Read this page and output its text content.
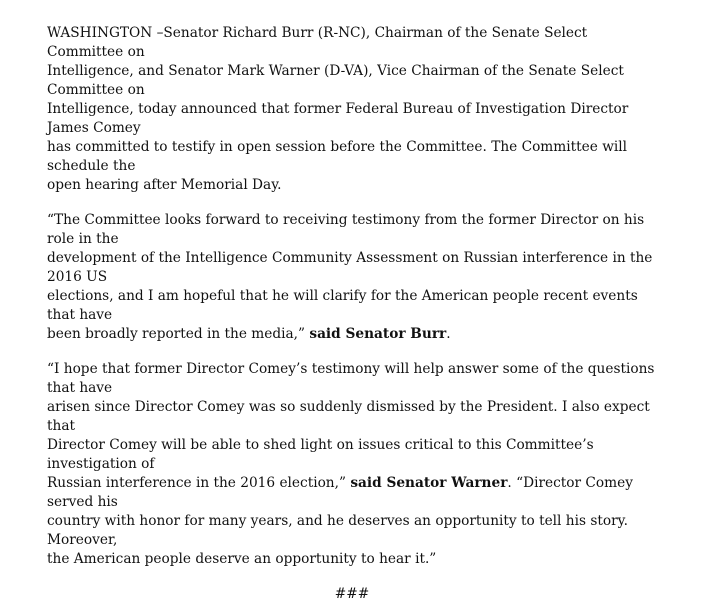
WASHINGTON –Senator Richard Burr (R-NC), Chairman of the Senate Select Committee on
Intelligence, and Senator Mark Warner (D-VA), Vice Chairman of the Senate Select Committee on
Intelligence, today announced that former Federal Bureau of Investigation Director James Comey
has committed to testify in open session before the Committee. The Committee will schedule the
open hearing after Memorial Day.

“The Committee looks forward to receiving testimony from the former Director on his role in the
development of the Intelligence Community Assessment on Russian interference in the 2016 US
elections, and I am hopeful that he will clarify for the American people recent events that have
been broadly reported in the media,” said Senator Burr.

“I hope that former Director Comey’s testimony will help answer some of the questions that have
arisen since Director Comey was so suddenly dismissed by the President. I also expect that
Director Comey will be able to shed light on issues critical to this Committee’s investigation of
Russian interference in the 2016 election,” said Senator Warner. “Director Comey served his
country with honor for many years, and he deserves an opportunity to tell his story. Moreover,
the American people deserve an opportunity to hear it.”

###
